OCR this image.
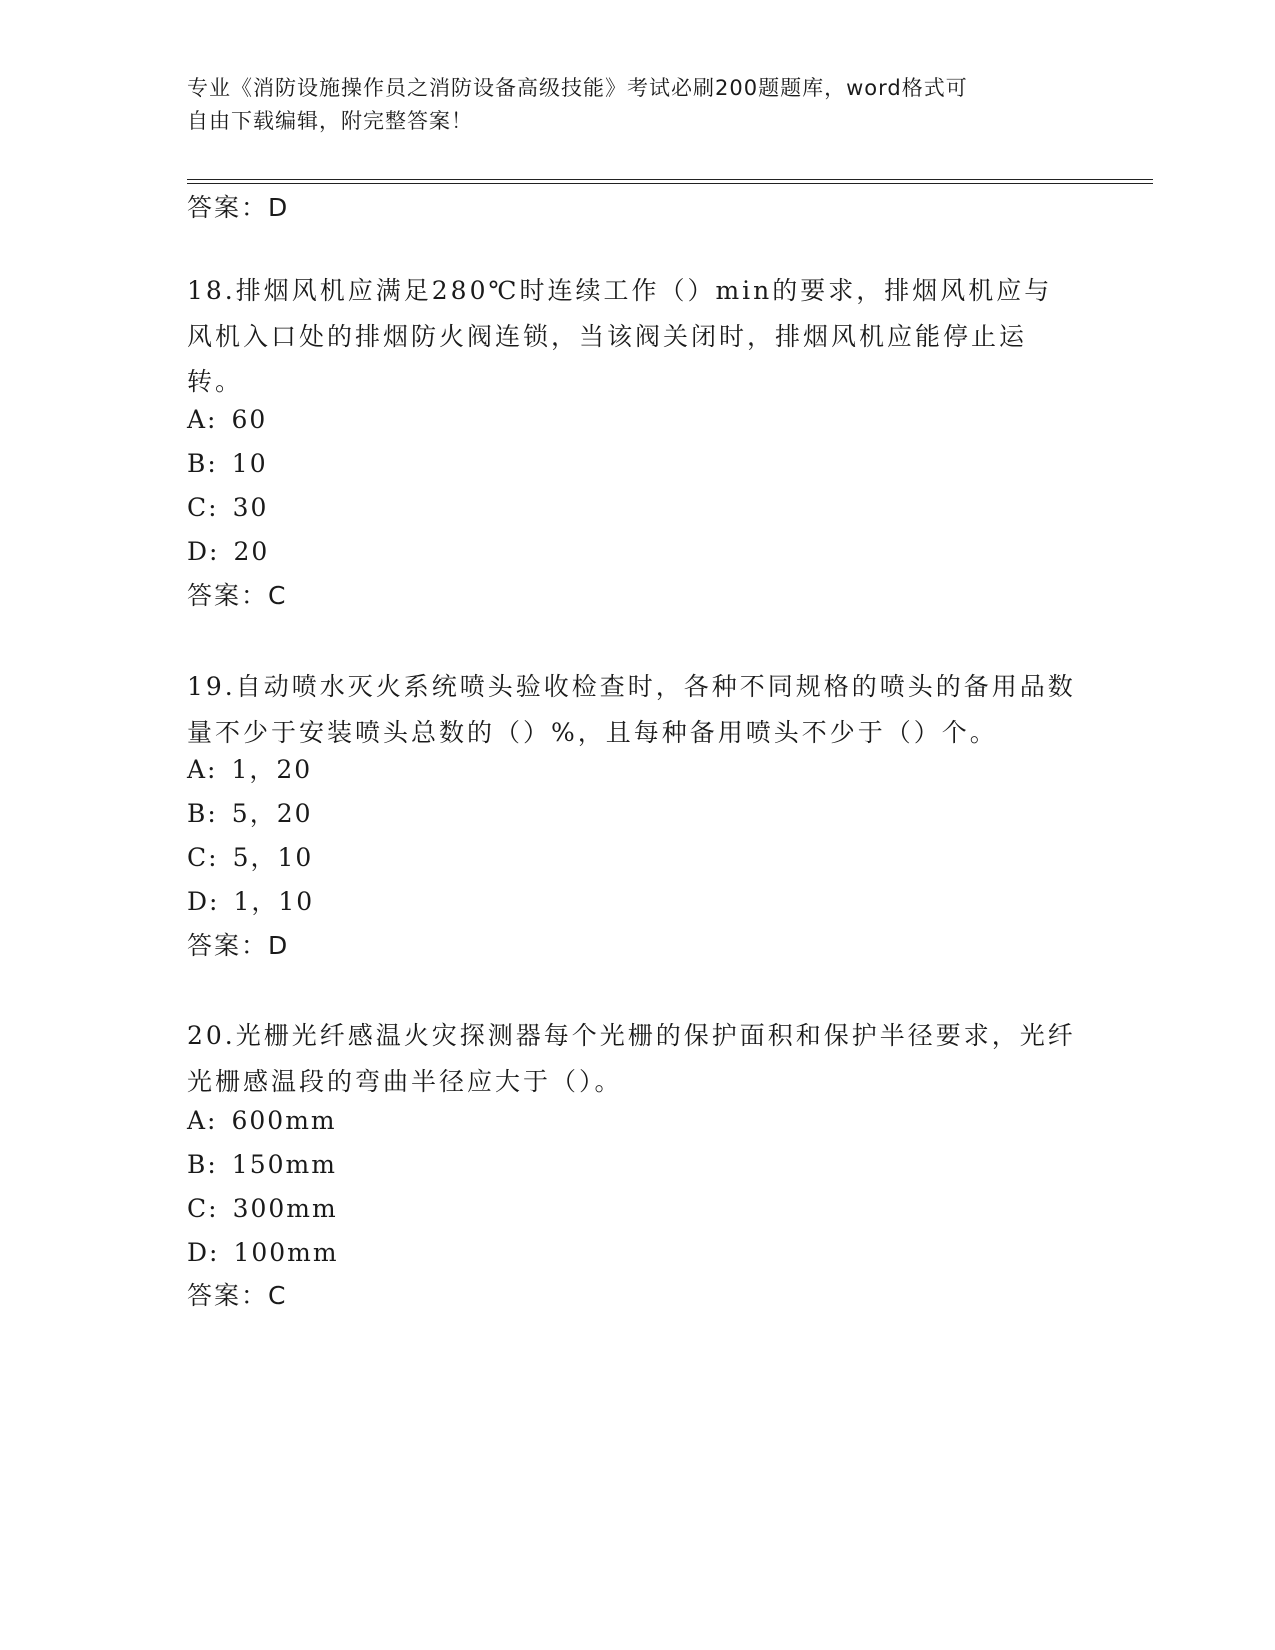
专业《消防设施操作员之消防设备高级技能》考试必刷200题题库，word格式可
自由下载编辑，附完整答案！
答案：D
18.排烟风机应满足280℃时连续工作（）min的要求，排烟风机应与风机入口处的排烟防火阀连锁，当该阀关闭时，排烟风机应能停止运转。
A: 60
B: 10
C: 30
D: 20
答案：C
19.自动喷水灭火系统喷头验收检查时，各种不同规格的喷头的备用品数量不少于安装喷头总数的（）%，且每种备用喷头不少于（）个。
A: 1，20
B: 5，20
C: 5，10
D: 1，10
答案：D
20.光栅光纤感温火灾探测器每个光栅的保护面积和保护半径要求，光纤光栅感温段的弯曲半径应大于（）。
A: 600mm
B: 150mm
C: 300mm
D: 100mm
答案：C
